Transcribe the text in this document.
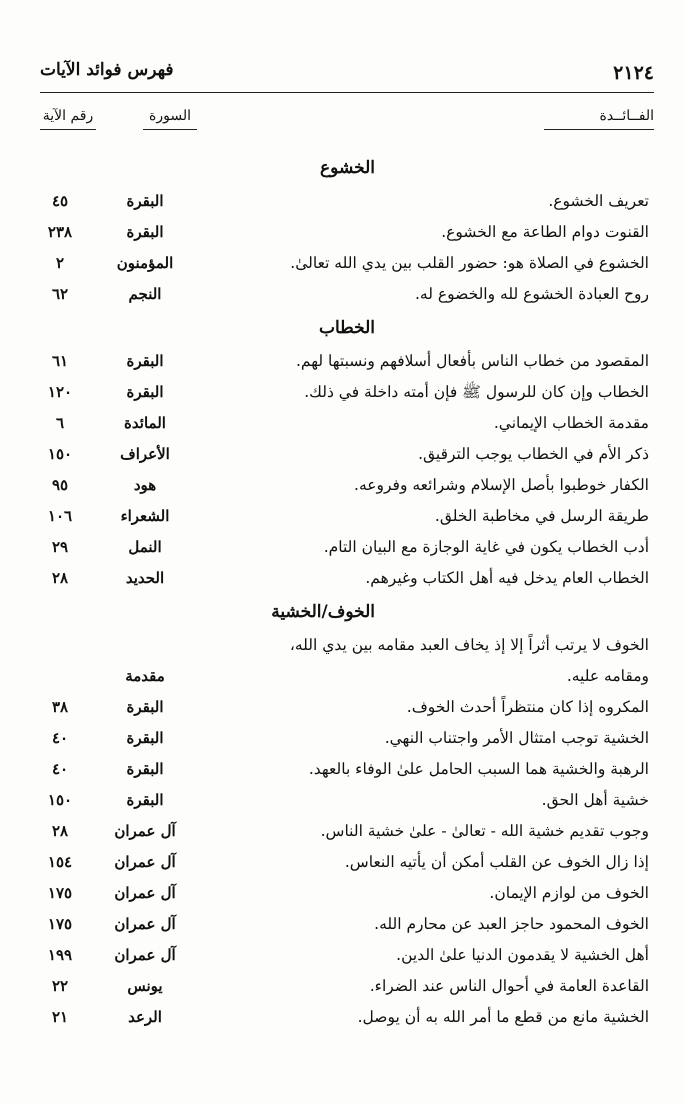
٢١٢٤
فهرس فوائد الآيات
الفــائــدة
السورة
رقم الآية
الخشوع
تعريف الخشوع.
البقرة
٤٥
القنوت دوام الطاعة مع الخشوع.
البقرة
٢٣٨
الخشوع في الصلاة هو: حضور القلب بين يدي الله تعالىٰ.
المؤمنون
٢
روح العبادة الخشوع لله والخضوع له.
النجم
٦٢
الخطاب
المقصود من خطاب الناس بأفعال أسلافهم ونسبتها لهم.
البقرة
٦١
الخطاب وإن كان للرسول ﷺ فإن أمته داخلة في ذلك.
البقرة
١٢٠
مقدمة الخطاب الإيماني.
المائدة
٦
ذكر الأم في الخطاب يوجب الترقيق.
الأعراف
١٥٠
الكفار خوطبوا بأصل الإسلام وشرائعه وفروعه.
هود
٩٥
طريقة الرسل في مخاطبة الخلق.
الشعراء
١٠٦
أدب الخطاب يكون في غاية الوجازة مع البيان التام.
النمل
٢٩
الخطاب العام يدخل فيه أهل الكتاب وغيرهم.
الحديد
٢٨
الخوف/الخشية
الخوف لا يرتب أثراً إلا إذ يخاف العبد مقامه بين يدي الله،
ومقامه عليه.
مقدمة
المكروه إذا كان منتظراً أحدث الخوف.
البقرة
٣٨
الخشية توجب امتثال الأمر واجتناب النهي.
البقرة
٤٠
الرهبة والخشية هما السبب الحامل علىٰ الوفاء بالعهد.
البقرة
٤٠
خشية أهل الحق.
البقرة
١٥٠
وجوب تقديم خشية الله - تعالىٰ - علىٰ خشية الناس.
آل عمران
٢٨
إذا زال الخوف عن القلب أمكن أن يأتيه النعاس.
آل عمران
١٥٤
الخوف من لوازم الإيمان.
آل عمران
١٧٥
الخوف المحمود حاجز العبد عن محارم الله.
آل عمران
١٧٥
أهل الخشية لا يقدمون الدنيا علىٰ الدين.
آل عمران
١٩٩
القاعدة العامة في أحوال الناس عند الضراء.
يونس
٢٢
الخشية مانع من قطع ما أمر الله به أن يوصل.
الرعد
٢١
